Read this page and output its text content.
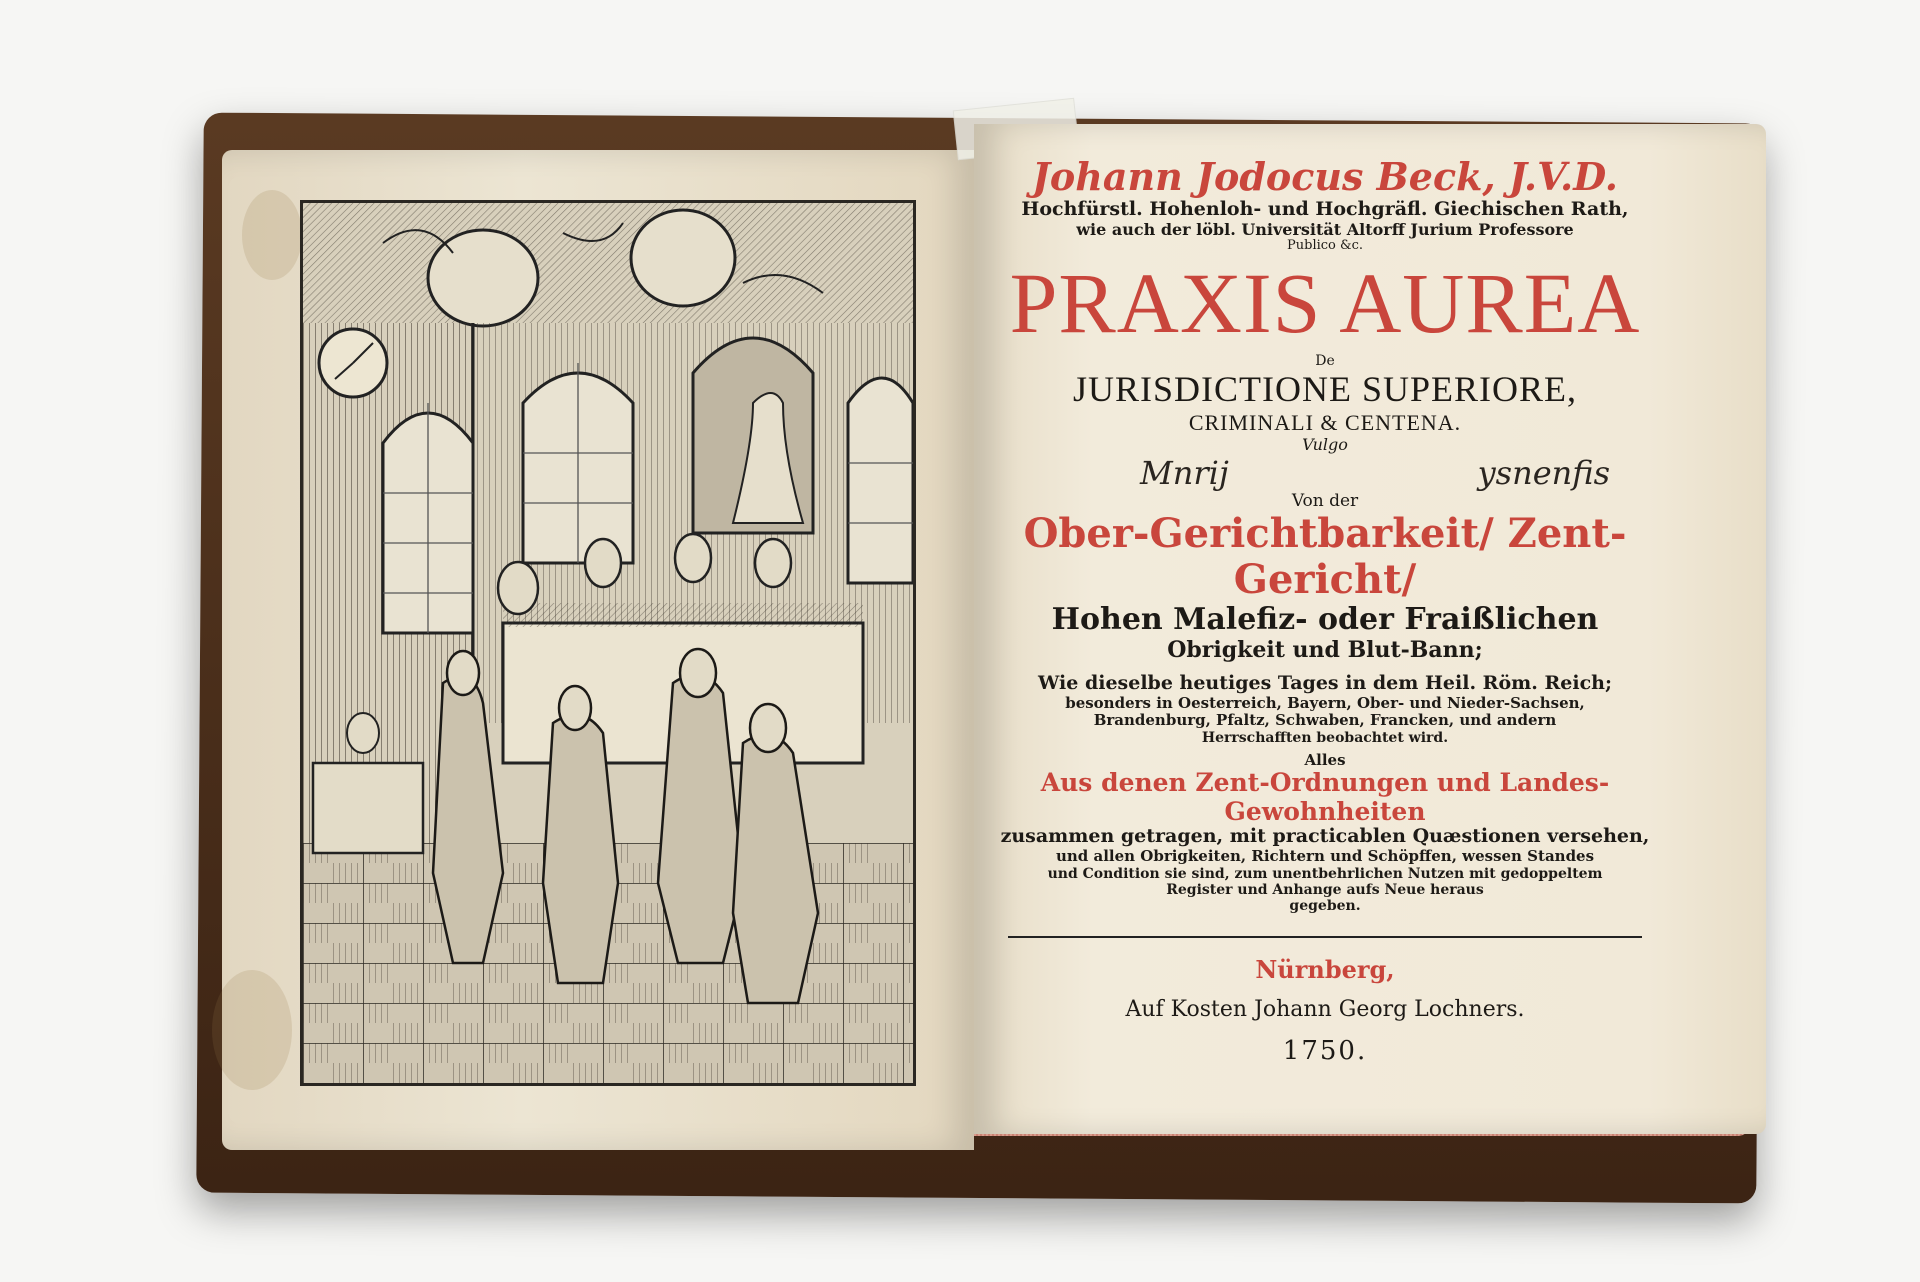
Johann Jodocus Beck, J.V.D.

Hochfürstl. Hohenloh- und Hochgräfl. Giechischen Rath,

wie auch der löbl. Universität Altorff Jurium Professore

Publico &c.

PRAXIS AUREA

De

JURISDICTIONE SUPERIORE,

CRIMINALI & CENTENA.

Vulgo

Mnrij	ysnenfis

Von der

Ober-Gerichtbarkeit/ Zent-Gericht/

Hohen Malefiz- oder Fraißlichen

Obrigkeit und Blut-Bann;

Wie dieselbe heutiges Tages in dem Heil. Röm. Reich;

besonders in Oesterreich, Bayern, Ober- und Nieder-Sachsen,

Brandenburg, Pfaltz, Schwaben, Francken, und andern

Herrschafften beobachtet wird.

Alles

Aus denen Zent-Ordnungen und Landes-Gewohnheiten

zusammen getragen, mit practicablen Quæstionen versehen,

und allen Obrigkeiten, Richtern und Schöpffen, wessen Standes

und Condition sie sind, zum unentbehrlichen Nutzen mit gedoppeltem

Register und Anhange aufs Neue heraus

gegeben.

Nürnberg,

Auf Kosten Johann Georg Lochners.

1750.
